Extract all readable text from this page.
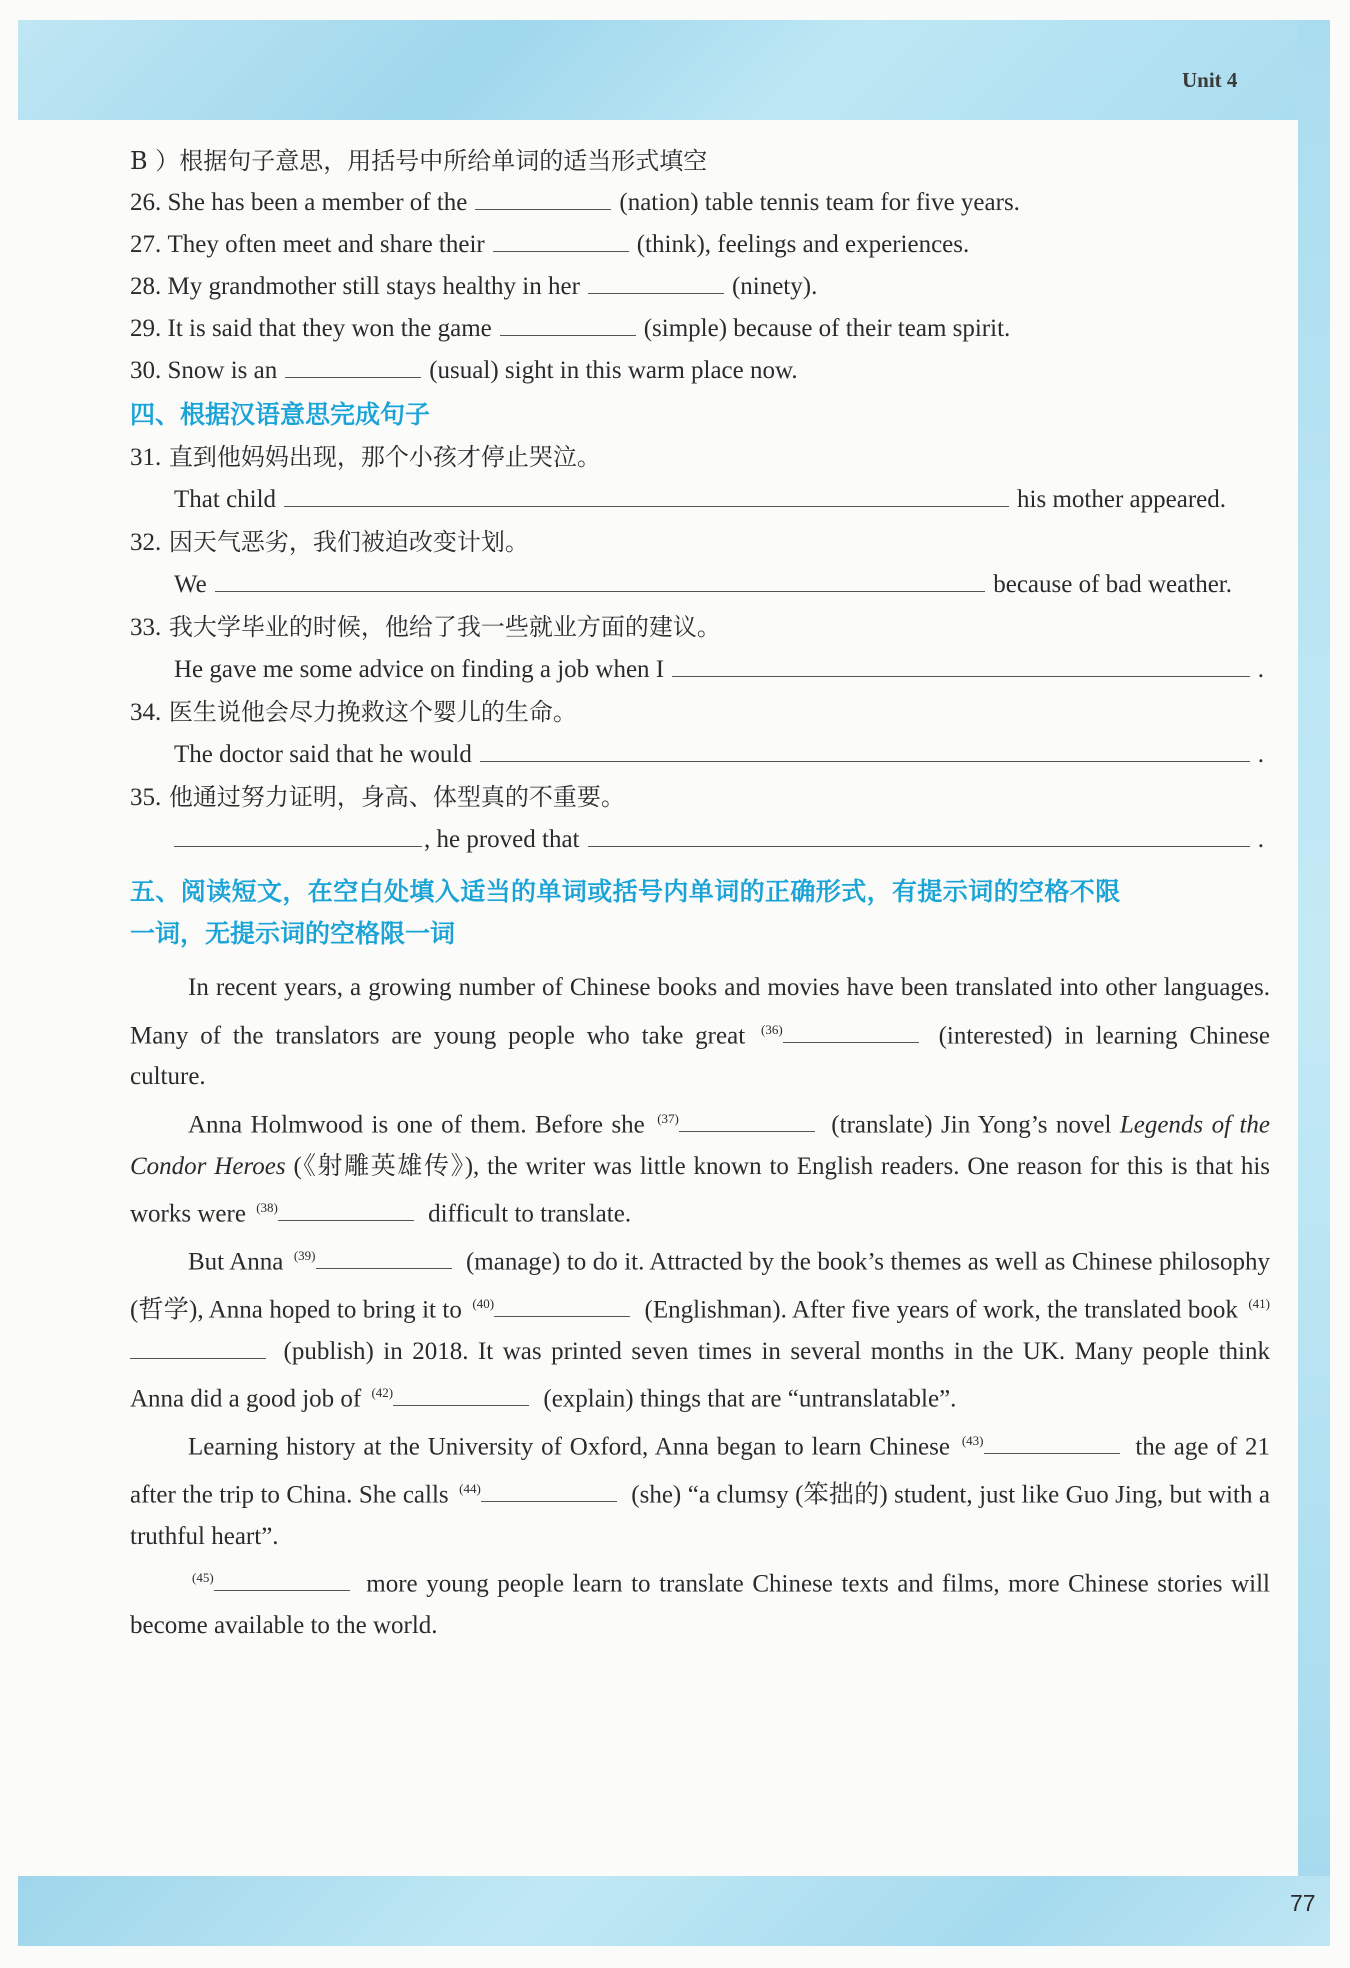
Unit 4
77
B ）根据句子意思，用括号中所给单词的适当形式填空
26.
She has been a member of the	(nation) table tennis team for five years.
27.
They often meet and share their	(think), feelings and experiences.
28.
My grandmother still stays healthy in her	(ninety).
29.
It is said that they won the game	(simple) because of their team spirit.
30.
Snow is an	(usual) sight in this warm place now.
四、根据汉语意思完成句子
31.
直到他妈妈出现，那个小孩才停止哭泣。
That child	his mother appeared.
32.
因天气恶劣，我们被迫改变计划。
We	because of bad weather.
33.
我大学毕业的时候，他给了我一些就业方面的建议。
He gave me some advice on finding a job when I	.
34.
医生说他会尽力挽救这个婴儿的生命。
The doctor said that he would	.
35.
他通过努力证明，身高、体型真的不重要。
, he proved that	.
五、阅读短文，在空白处填入适当的单词或括号内单词的正确形式，有提示词的空格不限
一词，无提示词的空格限一词

In recent years, a growing number of Chinese books and movies have been translated into other languages. Many of the translators are young people who take great $^{(36)}$	(interested) in learning Chinese culture.

Anna Holmwood is one of them. Before she $^{(37)}$	(translate) Jin Yong’s novel Legends of the Condor Heroes (《射雕英雄传》), the writer was little known to English readers. One reason for this is that his works were $^{(38)}$	difficult to translate.

But Anna $^{(39)}$	(manage) to do it. Attracted by the book’s themes as well as Chinese philosophy (哲学), Anna hoped to bring it to $^{(40)}$	(Englishman). After five years of work, the translated book $^{(41)}$ (publish) in 2018. It was printed seven times in several months in the UK. Many people think Anna did a good job of $^{(42)}$	(explain) things that are “untranslatable”.

Learning history at the University of Oxford, Anna began to learn Chinese $^{(43)}$	the age of 21 after the trip to China. She calls $^{(44)}$	(she) “a clumsy (笨拙的) student, just like Guo Jing, but with a truthful heart”.

$^{(45)}$	more young people learn to translate Chinese texts and films, more Chinese stories will become available to the world.
